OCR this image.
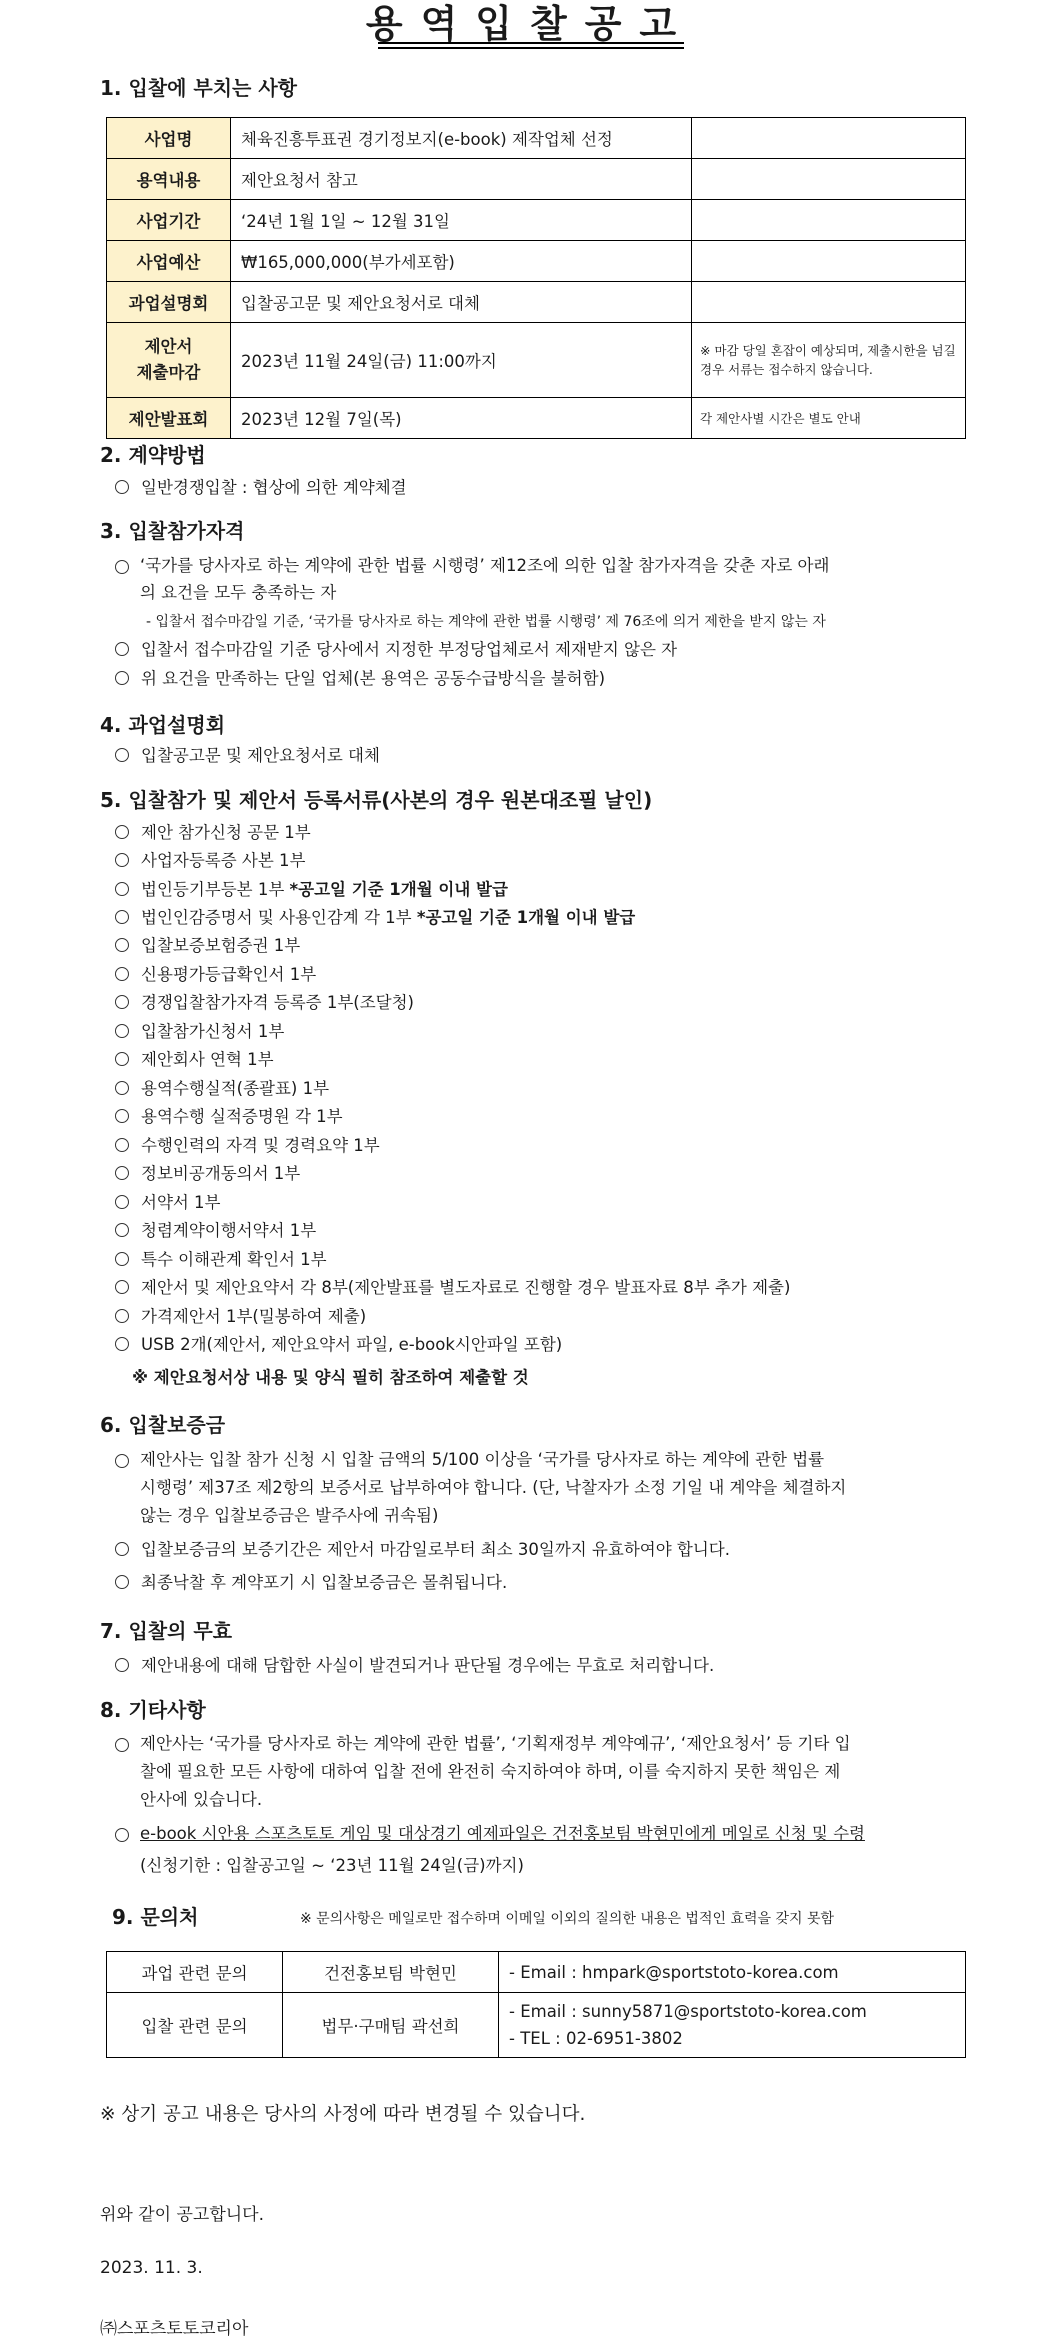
용역입찰공고
1. 입찰에 부치는 사항
사업명	체육진흥투표권 경기정보지(e-book) 제작업체 선정	
용역내용	제안요청서 참고	
사업기간	‘24년 1월 1일 ~ 12월 31일	
사업예산	₩165,000,000(부가세포함)	
과업설명회	입찰공고문 및 제안요청서로 대체	

제안서
제출마감	2023년 11월 24일(금) 11:00까지	※ 마감 당일 혼잡이 예상되며, 제출시한을 넘길 경우 서류는 접수하지 않습니다.
제안발표회	2023년 12월 7일(목)	각 제안사별 시간은 별도 안내
2. 계약방법
일반경쟁입찰 : 협상에 의한 계약체결
3. 입찰참가자격
‘국가를 당사자로 하는 계약에 관한 법률 시행령’ 제12조에 의한 입찰 참가자격을 갖춘 자로 아래
의 요건을 모두 충족하는 자
- 입찰서 접수마감일 기준, ‘국가를 당사자로 하는 계약에 관한 법률 시행령’ 제 76조에 의거 제한을 받지 않는 자
입찰서 접수마감일 기준 당사에서 지정한 부정당업체로서 제재받지 않은 자
위 요건을 만족하는 단일 업체(본 용역은 공동수급방식을 불허함)
4. 과업설명회
입찰공고문 및 제안요청서로 대체
5. 입찰참가 및 제안서 등록서류(사본의 경우 원본대조필 날인)
제안 참가신청 공문 1부
사업자등록증 사본 1부
법인등기부등본 1부 *공고일 기준 1개월 이내 발급
법인인감증명서 및 사용인감계 각 1부 *공고일 기준 1개월 이내 발급
입찰보증보험증권 1부
신용평가등급확인서 1부
경쟁입찰참가자격 등록증 1부(조달청)
입찰참가신청서 1부
제안회사 연혁 1부
용역수행실적(종괄표) 1부
용역수행 실적증명원 각 1부
수행인력의 자격 및 경력요약 1부
정보비공개동의서 1부
서약서 1부
청렴계약이행서약서 1부
특수 이해관계 확인서 1부
제안서 및 제안요약서 각 8부(제안발표를 별도자료로 진행할 경우 발표자료 8부 추가 제출)
가격제안서 1부(밀봉하여 제출)
USB 2개(제안서, 제안요약서 파일, e-book시안파일 포함)
※ 제안요청서상 내용 및 양식 필히 참조하여 제출할 것
6. 입찰보증금
제안사는 입찰 참가 신청 시 입찰 금액의 5/100 이상을 ‘국가를 당사자로 하는 계약에 관한 법률
시행령’ 제37조 제2항의 보증서로 납부하여야 합니다. (단, 낙찰자가 소정 기일 내 계약을 체결하지
않는 경우 입찰보증금은 발주사에 귀속됨)
입찰보증금의 보증기간은 제안서 마감일로부터 최소 30일까지 유효하여야 합니다.
최종낙찰 후 계약포기 시 입찰보증금은 몰취됩니다.
7. 입찰의 무효
제안내용에 대해 담합한 사실이 발견되거나 판단될 경우에는 무효로 처리합니다.
8. 기타사항
제안사는 ‘국가를 당사자로 하는 계약에 관한 법률’, ‘기획재정부 계약예규’, ‘제안요청서’ 등 기타 입
찰에 필요한 모든 사항에 대하여 입찰 전에 완전히 숙지하여야 하며, 이를 숙지하지 못한 책임은 제
안사에 있습니다.
e-book 시안용 스포츠토토 게임 및 대상경기 예제파일은 건전홍보팀 박현민에게 메일로 신청 및 수령
(신청기한 : 입찰공고일 ~ ‘23년 11월 24일(금)까지)
9. 문의처	※ 문의사항은 메일로만 접수하며 이메일 이외의 질의한 내용은 법적인 효력을 갖지 못함
과업 관련 문의	건전홍보팀 박현민	- Email : hmpark@sportstoto-korea.com

입찰 관련 문의	법무·구매팀 곽선희	- Email : sunny5871@sportstoto-korea.com
- TEL : 02-6951-3802
※ 상기 공고 내용은 당사의 사정에 따라 변경될 수 있습니다.
위와 같이 공고합니다.
2023. 11. 3.
㈜스포츠토토코리아
